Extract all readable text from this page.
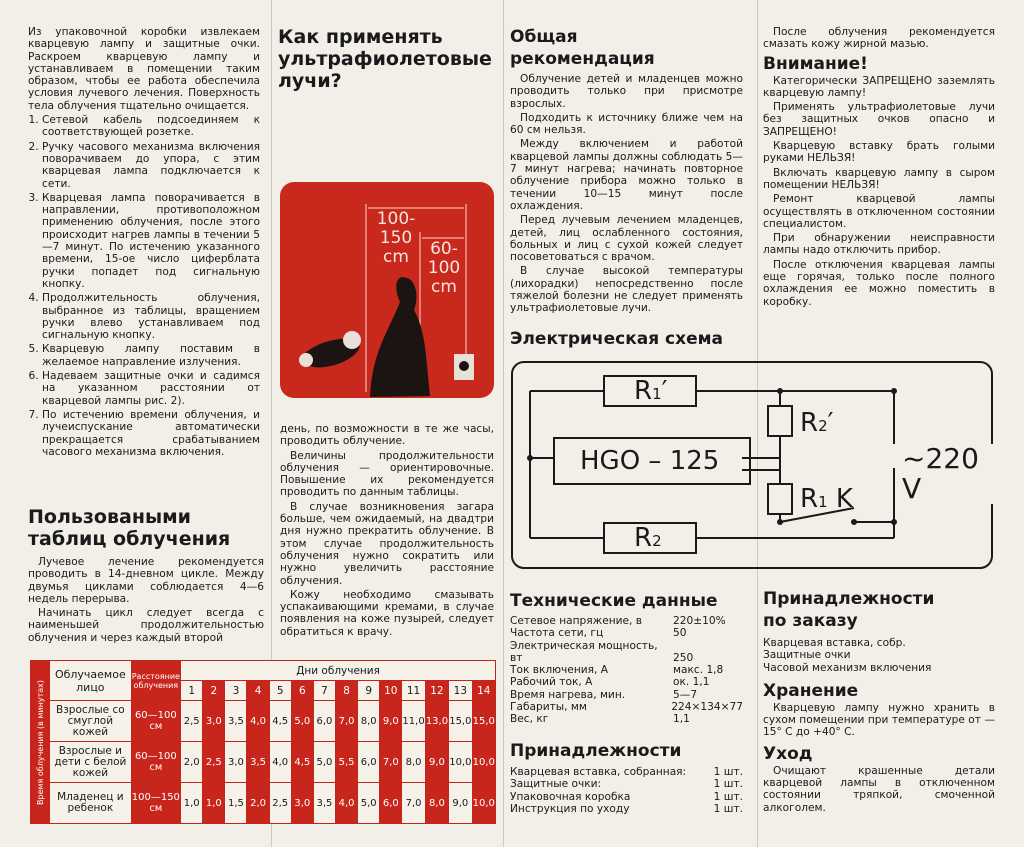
Из упаковочной коробки извлекаем кварцевую лампу и защитные очки. Раскроем кварцевую лампу и устанавливаем в помещении таким образом, чтобы ее работа обеспечила условия лучевого лечения. Поверхность тела облучения тщательно очищается.

1. Сетевой кабель подсоединяем к соответствующей розетке.
2. Ручку часового механизма включения поворачиваем до упора, с этим кварцевая лампа подключается к сети.
3. Кварцевая лампа поворачивается в направлении, противоположном применению облучения, после этого происходит нагрев лампы в течении 5—7 минут. По истечению указанного времени, 15-ое число циферблата ручки попадет под сигнальную кнопку.
4. Продолжительность облучения, выбранное из таблицы, вращением ручки влево устанавливаем под сигнальную кнопку.
5. Кварцевую лампу поставим в желаемое направление излучения.
6. Надеваем защитные очки и садимся на указанном расстоянии от кварцевой лампы рис. 2).
7. По истечению времени облучения, и лучеиспускание автоматически прекращается срабатыванием часового механизма включения.
Пользоваными таблиц облучения

Лучевое лечение рекомендуется проводить в 14-дневном цикле. Между двумья циклами соблюдается 4—6 недель перерыва.

Начинать цикл следует всегда с наименьшей продолжительностью облучения и через каждый второй

Как применять ультрафиолетовые лучи?
100-150 cm	60-100 cm

день, по возможности в те же часы, проводить облучение.

Величины продолжительности облучения — ориентировочные. Повышение их рекомендуется проводить по данным таблицы.

В случае возникновения загара больше, чем ожидаемый, на двадтри дня нужно прекратить облучение. В этом случае продолжительность облучения нужно сократить или нужно увеличить расстояние облучения.

Кожу необходимо смазывать успакаивающими кремами, в случае появления на коже пузырей, следует обратиться к врачу.

Общая рекомендация

Облучение детей и младенцев можно проводить только при присмотре взрослых.

Подходить к источнику ближе чем на 60 см нельзя.

Между включением и работой кварцевой лампы должны соблюдать 5—7 минут нагрева; начинать повторное облучение прибора можно только в течении 10—15 минут после охлаждения.

Перед лучевым лечением младенцев, детей, лиц ослабленного состояния, больных и лиц с сухой кожей следует посоветоваться с врачом.

В случае высокой температуры (лихорадки) непосредственно после тяжелой болезни не следует применять ультрафиолетовые лучи.

Электрическая схема
R1′
R2′
HGO – 125
R1 K
R2
~220 V
Технические данные
Сетевое напряжение, в	220±10%
Частота сети, гц	50
Электрическая мощность, вт	250
Ток включения, А	макс. 1,8
Рабочий ток, А	ок. 1,1
Время нагрева, мин.	5—7
Габариты, мм	224×134×77
Вес, кг	1,1
Принадлежности
Кварцевая вставка, собранная:	1 шт.
Защитные очки:	1 шт.
Упаковочная коробка	1 шт.
Инструкция по уходу	1 шт.

После облучения рекомендуется смазать кожу жирной мазью.

Внимание!

Категорически ЗАПРЕЩЕНО заземлять кварцевую лампу!

Применять ультрафиолетовые лучи без защитных очков опасно и ЗАПРЕЩЕНО!

Кварцевую вставку брать голыми руками НЕЛЬЗЯ!

Включать кварцевую лампу в сыром помещении НЕЛЬЗЯ!

Ремонт кварцевой лампы осуществлять в отключенном состоянии специалистом.

При обнаружении неисправности лампы надо отключить прибор.

После отключения кварцевая лампы еще горячая, только после полного охлаждения ее можно поместить в коробку.

Принадлежности по заказу
Кварцевая вставка, собр.
Защитные очки
Часовой механизм включения
Хранение

Кварцевую лампу нужно хранить в сухом помещении при температуре от —15° С до +40° С.

Уход

Очищают крашенные детали кварцевой лампы в отключенном состоянии тряпкой, смоченной алкоголем.

Время облучения (в минутах)	Облучаемое лицо	Расстояние облучения	Дни облучения													
			1	2	3	4	5	6	7	8	9	10	11	12	13	14
	Взрослые со смуглой кожей	60—100 см	2,5	3,0	3,5	4,0	4,5	5,0	6,0	7,0	8,0	9,0	11,0	13,0	15,0	15,0
	Взрослые и дети с белой кожей	60—100 см	2,0	2,5	3,0	3,5	4,0	4,5	5,0	5,5	6,0	7,0	8,0	9,0	10,0	10,0
	Младенец и ребенок	100—150 см	1,0	1,0	1,5	2,0	2,5	3,0	3,5	4,0	5,0	6,0	7,0	8,0	9,0	10,0
